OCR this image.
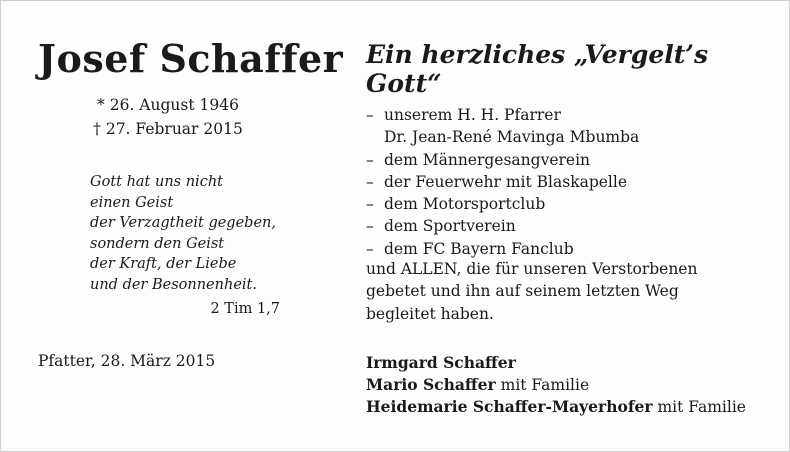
Josef Schaffer
* 26. August 1946
† 27. Februar 2015
Gott hat uns nicht
einen Geist
der Verzagtheit gegeben,
sondern den Geist
der Kraft, der Liebe
und der Besonnenheit.
2 Tim 1,7
Pfatter, 28. März 2015
Ein herzliches „Vergelt’s Gott“
– unserem H. H. Pfarrer
Dr. Jean-René Mavinga Mbumba
– dem Männergesangverein
– der Feuerwehr mit Blaskapelle
– dem Motorsportclub
– dem Sportverein
– dem FC Bayern Fanclub
und ALLEN, die für unseren Verstorbenen gebetet und ihn auf seinem letzten Weg begleitet haben.
Irmgard Schaffer
Mario Schaffer mit Familie
Heidemarie Schaffer-Mayerhofer mit Familie
